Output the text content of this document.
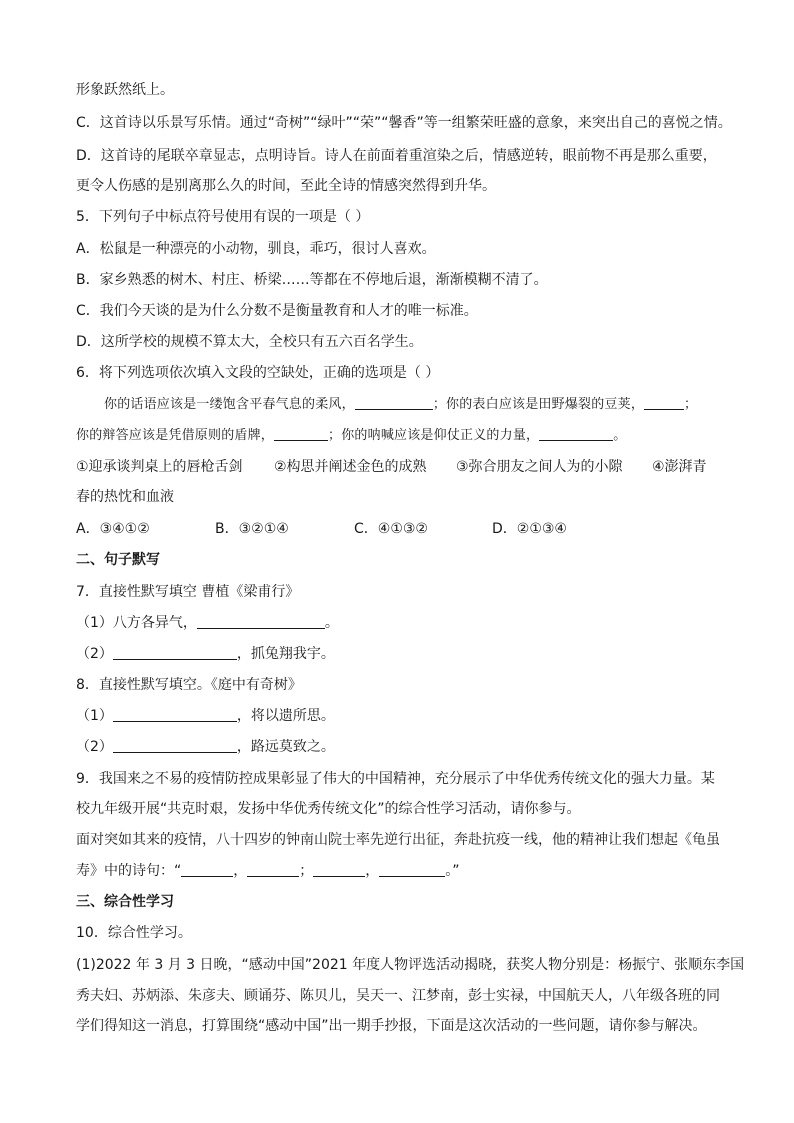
形象跃然纸上。
C．这首诗以乐景写乐情。通过“奇树”“绿叶”“荣”“馨香”等一组繁荣旺盛的意象，来突出自己的喜悦之情。
D．这首诗的尾联卒章显志，点明诗旨。诗人在前面着重渲染之后，情感逆转，眼前物不再是那么重要，
更令人伤感的是别离那么久的时间，至此全诗的情感突然得到升华。
5．下列句子中标点符号使用有误的一项是（ ）
A．松鼠是一种漂亮的小动物，驯良，乖巧，很讨人喜欢。
B．家乡熟悉的树木、村庄、桥梁……等都在不停地后退，渐渐模糊不清了。
C．我们今天谈的是为什么分数不是衡量教育和人才的唯一标准。
D．这所学校的规模不算太大，全校只有五六百名学生。
6．将下列选项依次填入文段的空缺处，正确的选项是（ ）
你的话语应该是一缕饱含平春气息的柔风，	；你的表白应该是田野爆裂的豆荚，	；
你的辩答应该是凭借原则的盾牌，	；你的呐喊应该是仰仗正义的力量，	。
①迎承谈判桌上的唇枪舌剑 ②构思并阐述金色的成熟 ③弥合朋友之间人为的小隙 ④澎湃青
春的热忱和血液
A．③④①②	B．③②①④	C．④①③②	D．②①③④
二、句子默写
7．直接性默写填空 曹植《梁甫行》
（1）八方各异气，	。
（2）	，抓兔翔我宇。
8．直接性默写填空。《庭中有奇树》
（1）	，将以遗所思。
（2）	，路远莫致之。
9．我国来之不易的疫情防控成果彰显了伟大的中国精神，充分展示了中华优秀传统文化的强大力量。某
校九年级开展“共克时艰，发扬中华优秀传统文化”的综合性学习活动，请你参与。
面对突如其来的疫情，八十四岁的钟南山院士率先逆行出征，奔赴抗疫一线，他的精神让我们想起《龟虽
寿》中的诗句：“	，	；	，	。”
三、综合性学习
10．综合性学习。
(1)2022 年 3 月 3 日晚，“感动中国”2021 年度人物评选活动揭晓，获奖人物分别是：杨振宁、张顺东李国
秀夫妇、苏炳添、朱彦夫、顾诵芬、陈贝儿，吴天一、江梦南，彭士实禄，中国航天人，八年级各班的同
学们得知这一消息，打算围绕“感动中国”出一期手抄报，下面是这次活动的一些问题，请你参与解决。
